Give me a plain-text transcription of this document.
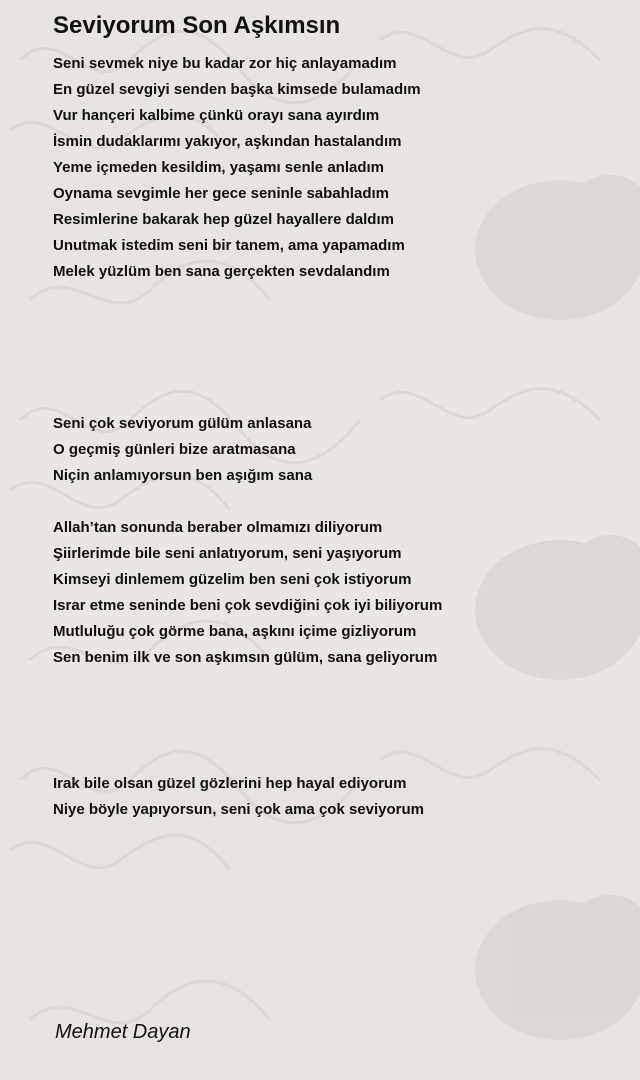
Seviyorum Son Aşkımsın
Seni sevmek niye bu kadar zor hiç anlayamadım
En güzel sevgiyi senden başka kimsede bulamadım
Vur hançeri kalbime çünkü orayı sana ayırdım
İsmin dudaklarımı yakıyor, aşkından hastalandım
Yeme içmeden kesildim, yaşamı senle anladım
Oynama sevgimle her gece seninle sabahladım
Resimlerine bakarak hep güzel hayallere daldım
Unutmak istedim seni bir tanem, ama yapamadım
Melek yüzlüm ben sana gerçekten sevdalandım
Seni çok seviyorum gülüm anlasana
O geçmiş günleri bize aratmasana
Niçin anlamıyorsun ben aşığım sana
Allah’tan sonunda beraber olmamızı diliyorum
Şiirlerimde bile seni anlatıyorum, seni yaşıyorum
Kimseyi dinlemem güzelim ben seni çok istiyorum
Israr etme seninde beni çok sevdiğini çok iyi biliyorum
Mutluluğu çok görme bana, aşkını içime gizliyorum
Sen benim ilk ve son aşkımsın gülüm, sana geliyorum
Irak bile olsan güzel gözlerini hep hayal ediyorum
Niye böyle yapıyorsun, seni çok ama çok seviyorum
Mehmet Dayan
